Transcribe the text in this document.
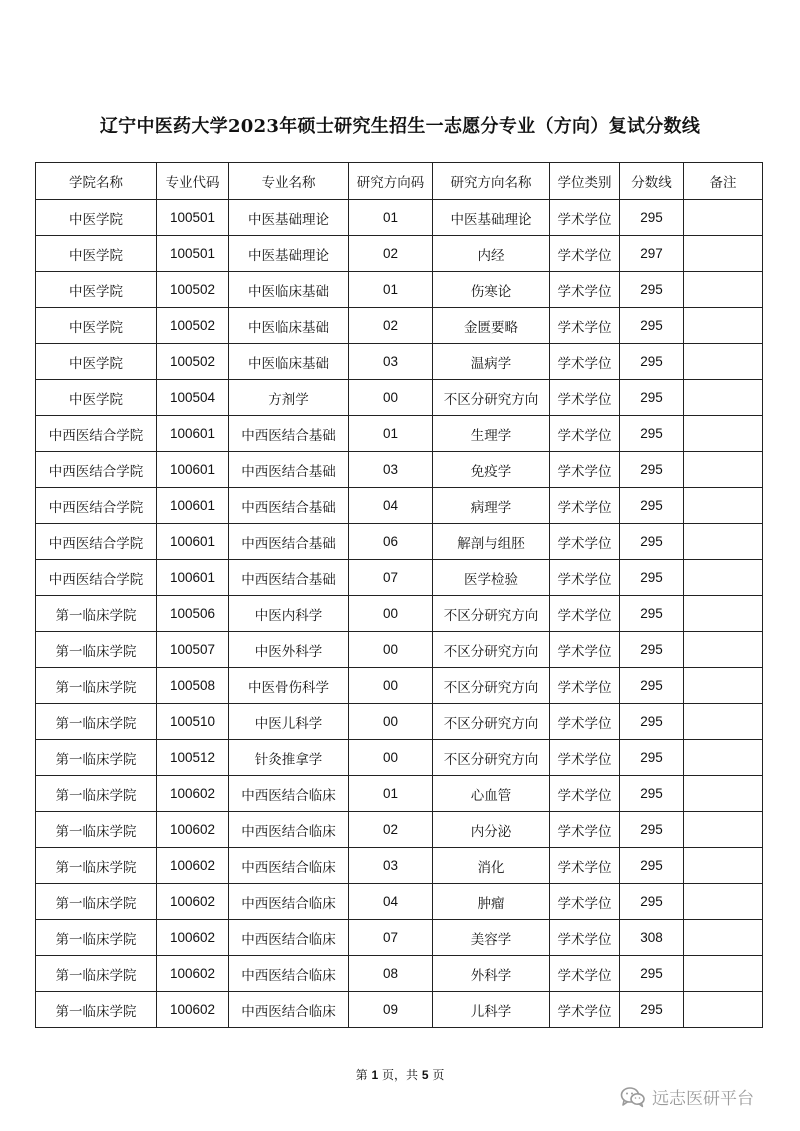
辽宁中医药大学2023年硕士研究生招生一志愿分专业（方向）复试分数线
学院名称	专业代码	专业名称	研究方向码	研究方向名称	学位类别	分数线	备注
中医学院	100501	中医基础理论	01	中医基础理论	学术学位	295	
中医学院	100501	中医基础理论	02	内经	学术学位	297	
中医学院	100502	中医临床基础	01	伤寒论	学术学位	295	
中医学院	100502	中医临床基础	02	金匮要略	学术学位	295	
中医学院	100502	中医临床基础	03	温病学	学术学位	295	
中医学院	100504	方剂学	00	不区分研究方向	学术学位	295	
中西医结合学院	100601	中西医结合基础	01	生理学	学术学位	295	
中西医结合学院	100601	中西医结合基础	03	免疫学	学术学位	295	
中西医结合学院	100601	中西医结合基础	04	病理学	学术学位	295	
中西医结合学院	100601	中西医结合基础	06	解剖与组胚	学术学位	295	
中西医结合学院	100601	中西医结合基础	07	医学检验	学术学位	295	
第一临床学院	100506	中医内科学	00	不区分研究方向	学术学位	295	
第一临床学院	100507	中医外科学	00	不区分研究方向	学术学位	295	
第一临床学院	100508	中医骨伤科学	00	不区分研究方向	学术学位	295	
第一临床学院	100510	中医儿科学	00	不区分研究方向	学术学位	295	
第一临床学院	100512	针灸推拿学	00	不区分研究方向	学术学位	295	
第一临床学院	100602	中西医结合临床	01	心血管	学术学位	295	
第一临床学院	100602	中西医结合临床	02	内分泌	学术学位	295	
第一临床学院	100602	中西医结合临床	03	消化	学术学位	295	
第一临床学院	100602	中西医结合临床	04	肿瘤	学术学位	295	
第一临床学院	100602	中西医结合临床	07	美容学	学术学位	308	
第一临床学院	100602	中西医结合临床	08	外科学	学术学位	295	
第一临床学院	100602	中西医结合临床	09	儿科学	学术学位	295	
第 1 页，共 5 页
远志医研平台
